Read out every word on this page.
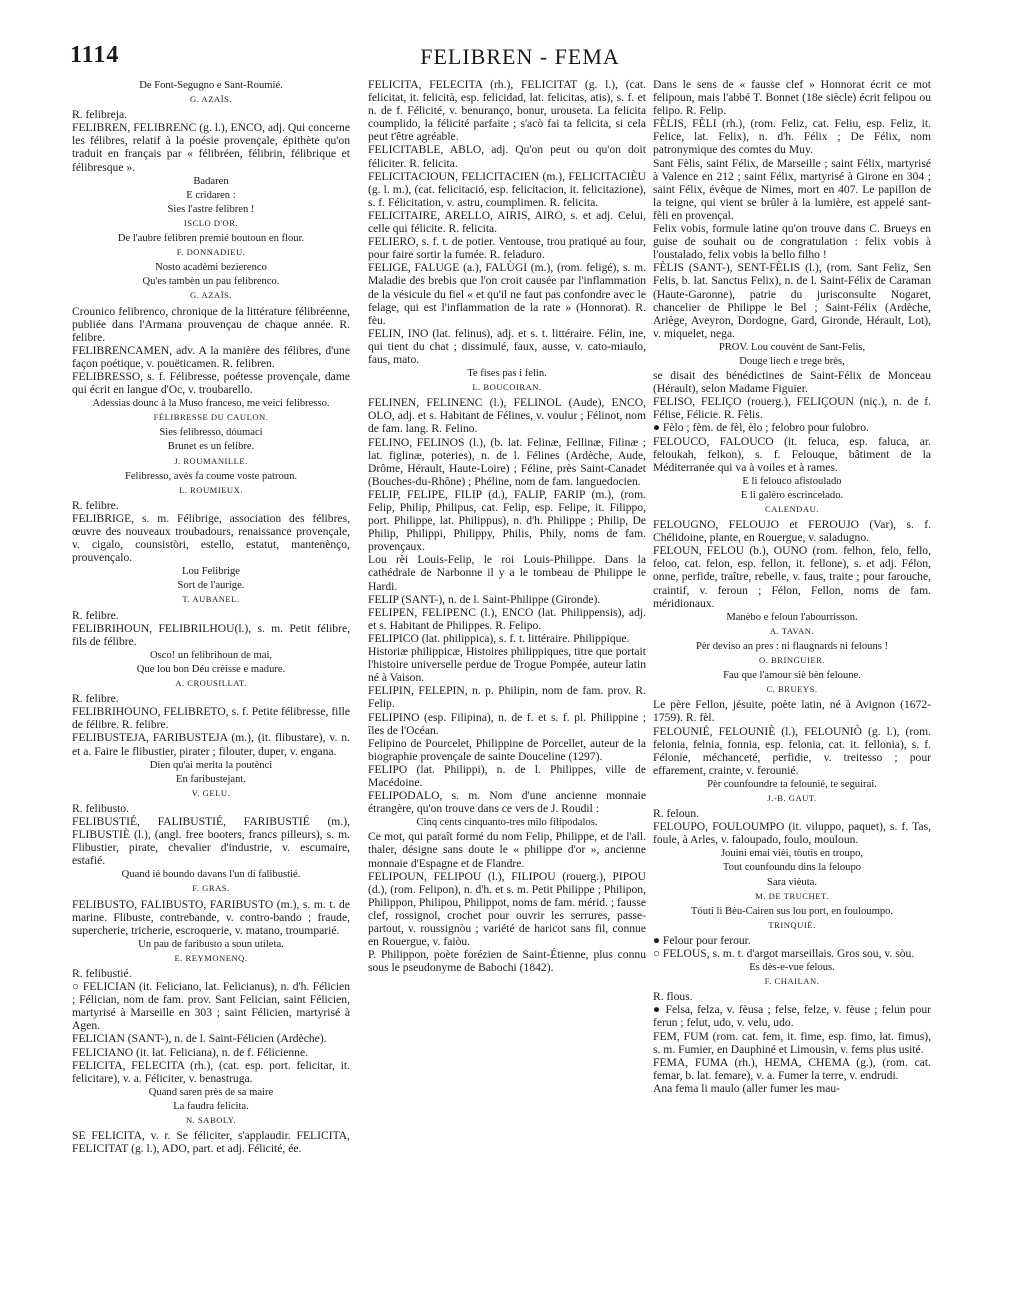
1114	FELIBREN - FEMA

De Font-Segugno e Sant-Roumié.

G. AZAÏS.

R. felibreja.

FELIBREN, FELIBRENC (g. l.), ENCO, adj. Qui concerne les félibres, relatif à la poésie provençale, épithète qu'on traduit en français par « félibréen, félibrin, félibrique et félibresque ».

Badaren

E cridaren :

Sies l'astre felibren !

ISCLO D'OR.

De l'aubre felibren premié boutoun en flour.

F. DONNADIEU.

Nosto acadèmi bezierenco

Qu'es tambèn un pau felibrenco.

G. AZAÏS.

Crounico felibrenco, chronique de la littérature félibréenne, publiée dans l'Armana prouvençau de chaque année. R. felibre.

FELIBRENCAMEN, adv. A la manière des félibres, d'une façon poétique, v. pouëticamen. R. felibren.

FELIBRESSO, s. f. Félibresse, poétesse provençale, dame qui écrit en langue d'Oc, v. troubarello.

Adessias dounc à la Muso franceso, me veici felibresso.

FÉLIBRESSE DU CAULON.

Sies felibresso, dóumaci

Brunet es un felibre.

J. ROUMANILLE.

Felibresso, avès fa coume voste patroun.

L. ROUMIEUX.

R. felibre.

FELIBRIGE, s. m. Félibrige, association des félibres, œuvre des nouveaux troubadours, renaissance provençale, v. cigalo, counsistòri, estello, estatut, mantenènço, prouvençalo.

Lou Felibrige

Sort de l'aurige.

T. AUBANEL.

R. felibre.

FELIBRIHOUN, FELIBRILHOU(l.), s. m. Petit félibre, fils de félibre.

Osco! un felibrihoun de mai,

Que lou bon Déu crèisse e madure.

A. CROUSILLAT.

R. felibre.

FELIBRIHOUNO, FELIBRETO, s. f. Petite félibresse, fille de félibre. R. felibre.

FELIBUSTEJA, FARIBUSTEJA (m.), (it. flibustare), v. n. et a. Faire le flibustier, pirater ; filouter, duper, v. engana.

Dien qu'ai merita la poutènci

En faribustejant.

V. GELU.

R. felibusto.

FELIBUSTIÉ, FALIBUSTIÉ, FARIBUSTIÉ (m.), FLIBUSTIÈ (l.), (angl. free booters, francs pilleurs), s. m. Flibustier, pirate, chevalier d'industrie, v. escumaire, estafié.

Quand ié boundo davans l'un di falibustié.

F. GRAS.

FELIBUSTO, FALIBUSTO, FARIBUSTO (m.), s. m. t. de marine. Flibuste, contrebande, v. contro-bando ; fraude, supercherie, tricherie, escroquerie, v. matano, troumparié.

Un pau de faribusto a soun utileta.

E. REYMONENQ.

R. felibustié.

○ FELICIAN (it. Feliciano, lat. Felicianus), n. d'h. Félicien ; Félician, nom de fam. prov. Sant Felician, saint Félicien, martyrisé à Marseille en 303 ; saint Félicien, martyrisé à Agen.

FELICIAN (SANT-), n. de l. Saint-Félicien (Ardèche).

FELICIANO (it. lat. Feliciana), n. de f. Félicienne.

FELICITA, FELECITA (rh.), (cat. esp. port. felicitar, it. felicitare), v. a. Féliciter, v. benastruga.

Quand saren près de sa maire

La faudra felicita.

N. SABOLY.

SE FELICITA, v. r. Se féliciter, s'applaudir. FELICITA, FELICITAT (g. l.), ADO, part. et adj. Félicité, ée.

FELICITA, FELECITA (rh.), FELICITAT (g. l.), (cat. felicitat, it. felicità, esp. felicidad, lat. felicitas, atis), s. f. et n. de f. Félicité, v. benuranço, bonur, urouseta. La felicita coumplido, la félicité parfaite ; s'acò fai ta felicita, si cela peut t'être agréable.

FELICITABLE, ABLO, adj. Qu'on peut ou qu'on doit féliciter. R. felicita.

FELICITACIOUN, FELICITACIEN (m.), FELICITACIÈU (g. l. m.), (cat. felicitació, esp. felicitacion, it. felicitazione), s. f. Félicitation, v. astru, coumplimen. R. felicita.

FELICITAIRE, ARELLO, AIRIS, AIRO, s. et adj. Celui, celle qui félicite. R. felicita.

FELIERO, s. f. t. de potier. Ventouse, trou pratiqué au four, pour faire sortir la fumée. R. feladuro.

FELIGE, FALUGE (a.), FALÙGI (m.), (rom. feligé), s. m. Maladie des brebis que l'on croit causée par l'inflammation de la vésicule du fiel « et qu'il ne faut pas confondre avec le felage, qui est l'inflammation de la rate » (Honnorat). R. fèu.

FELIN, INO (lat. felinus), adj. et s. t. littéraire. Félin, ine, qui tient du chat ; dissimulé, faux, ausse, v. cato-miaulo, faus, mato.

Te fises pas i felin.

L. BOUCOIRAN.

FELINEN, FELINENC (l.), FELINOL (Aude), ENCO, OLO, adj. et s. Habitant de Félines, v. voulur ; Félinot, nom de fam. lang. R. Felino.

FELINO, FELINOS (l.), (b. lat. Felinæ, Fellinæ, Filinæ ; lat. figlinæ, poteries), n. de l. Félines (Ardèche, Aude, Drôme, Hérault, Haute-Loire) ; Féline, près Saint-Canadet (Bouches-du-Rhône) ; Phéline, nom de fam. languedocien.

FELIP, FELIPE, FILIP (d.), FALIP, FARIP (m.), (rom. Felip, Philip, Philipus, cat. Felip, esp. Felipe, it. Filippo, port. Philippe, lat. Philippus), n. d'h. Philippe ; Philip, De Philip, Philippi, Philippy, Philis, Phily, noms de fam. provençaux.

Lou rèi Louis-Felip, le roi Louis-Philippe. Dans la cathédrale de Narbonne il y a le tombeau de Philippe le Hardi.

FELIP (SANT-), n. de l. Saint-Philippe (Gironde).

FELIPEN, FELIPENC (l.), ENCO (lat. Philippensis), adj. et s. Habitant de Philippes. R. Felipo.

FELIPICO (lat. philippica), s. f. t. littéraire. Philippique.

Historiæ philippicæ, Histoires philippiques, titre que portait l'histoire universelle perdue de Trogue Pompée, auteur latin né à Vaison.

FELIPIN, FELEPIN, n. p. Philipin, nom de fam. prov. R. Felip.

FELIPINO (esp. Filipina), n. de f. et s. f. pl. Philippine ; îles de l'Océan.

Felipino de Pourcelet, Philippine de Porcellet, auteur de la biographie provençale de sainte Douceline (1297).

FELIPO (lat. Philippi), n. de l. Philippes, ville de Macédoine.

FELIPODALO, s. m. Nom d'une ancienne monnaie étrangère, qu'on trouve dans ce vers de J. Roudil :

Cinq cents cinquanto-tres milo filipodalos.

Ce mot, qui paraît formé du nom Felip, Philippe, et de l'all. thaler, désigne sans doute le « philippe d'or », ancienne monnaie d'Espagne et de Flandre.

FELIPOUN, FELIPOU (l.), FILIPOU (rouerg.), PIPOU (d.), (rom. Felipon), n. d'h. et s. m. Petit Philippe ; Philipon, Philippon, Philipou, Philippot, noms de fam. mérid. ; fausse clef, rossignol, crochet pour ouvrir les serrures, passe-partout, v. roussignòu ; variété de haricot sans fil, connue en Rouergue, v. faiòu.

P. Philippon, poète forézien de Saint-Étienne, plus connu sous le pseudonyme de Babochi (1842).

Dans le sens de « fausse clef » Honnorat écrit ce mot felipoun, mais l'abbé T. Bonnet (18e siècle) écrit felipou ou felipo. R. Felip.

FÈLIS, FÈLI (rh.), (rom. Feliz, cat. Feliu, esp. Feliz, it. Felice, lat. Felix), n. d'h. Félix ; De Félix, nom patronymique des comtes du Muy.

Sant Fèlis, saint Félix, de Marseille ; saint Félix, martyrisé à Valence en 212 ; saint Félix, martyrisé à Girone en 304 ; saint Félix, évêque de Nimes, mort en 407. Le papillon de la teigne, qui vient se brûler à la lumière, est appelé sant-fèli en provençal.

Felix vobis, formule latine qu'on trouve dans C. Brueys en guise de souhait ou de congratulation : felix vobis à l'oustalado, felix vobis la bello filho !

FÈLIS (SANT-), SENT-FÈLIS (l.), (rom. Sant Feliz, Sen Felis, b. lat. Sanctus Felix), n. de l. Saint-Félix de Caraman (Haute-Garonne), patrie du jurisconsulte Nogaret, chancelier de Philippe le Bel ; Saint-Félix (Ardèche, Ariège, Aveyron, Dordogne, Gard, Gironde, Hérault, Lot), v. miquelet, nega.

PROV. Lou couvènt de Sant-Felis,

Douge liech e trege brès,

se disait des bénédictines de Saint-Félix de Monceau (Hérault), selon Madame Figuier.

FELISO, FELIÇO (rouerg.), FELIÇOUN (niç.), n. de f. Félise, Félicie. R. Fèlis.

● Fèlo ; fèm. de fèl, èlo ; felobro pour fulobro.

FELOUCO, FALOUCO (it. feluca, esp. faluca, ar. feloukah, felkon), s. f. Felouque, bâtiment de la Méditerranée qui va à voiles et à rames.

E li felouco afistoulado

E li galèro escrincelado.

CALENDAU.

FELOUGNO, FELOUJO et FEROUJO (Var), s. f. Chélidoine, plante, en Rouergue, v. saladugno.

FELOUN, FELOU (b.), OUNO (rom. felhon, felo, fello, feloo, cat. felon, esp. fellon, it. fellone), s. et adj. Félon, onne, perfide, traître, rebelle, v. faus, traite ; pour farouche, craintif, v. feroun ; Félon, Fellon, noms de fam. méridionaux.

Manèbo e feloun l'abourrisson.

A. TAVAN.

Pèr deviso an pres : ni flaugnards ni felouns !

O. BRINGUIER.

Fau que l'amour siè bèn feloune.

C. BRUEYS.

Le père Fellon, jésuite, poète latin, né à Avignon (1672-1759). R. fèl.

FELOUNIÉ, FELOUNIÈ (l.), FELOUNIÒ (g. l.), (rom. felonia, felnia, fonnia, esp. felonia, cat. it. fellonia), s. f. Félonie, méchanceté, perfidie, v. treitesso ; pour effarement, crainte, v. ferounié.

Pèr counfoundre ta felounié, te seguirai.

J.-B. GAUT.

R. feloun.

FELOUPO, FOULOUMPO (it. viluppo, paquet), s. f. Tas, foule, à Arles, v. faloupado, foulo, mouloun.

Jouini emai vièi, tòutis en troupo,

Tout counfoundu dins la feloupo

Sara vièuta.

M. DE TRUCHET.

Tóuti li Bèu-Cairen sus lou port, en fouloumpo.

TRINQUIÉ.

● Felour pour ferour.

○ FELOUS, s. m. t. d'argot marseillais. Gros sou, v. sòu.

Es dès-e-vue felous.

F. CHAILAN.

R. flous.

● Felsa, felza, v. fèusa ; felse, felze, v. fèuse ; felun pour ferun ; felut, udo, v. velu, udo.

FEM, FUM (rom. cat. fem, it. fime, esp. fimo, lat. fimus), s. m. Fumier, en Dauphiné et Limousin, v. fems plus usité.

FEMA, FUMA (rh.), HEMA, CHEMA (g.), (rom. cat. femar, b. lat. femare), v. a. Fumer la terre, v. endrudi.

Ana fema li maulo (aller fumer les mau-
